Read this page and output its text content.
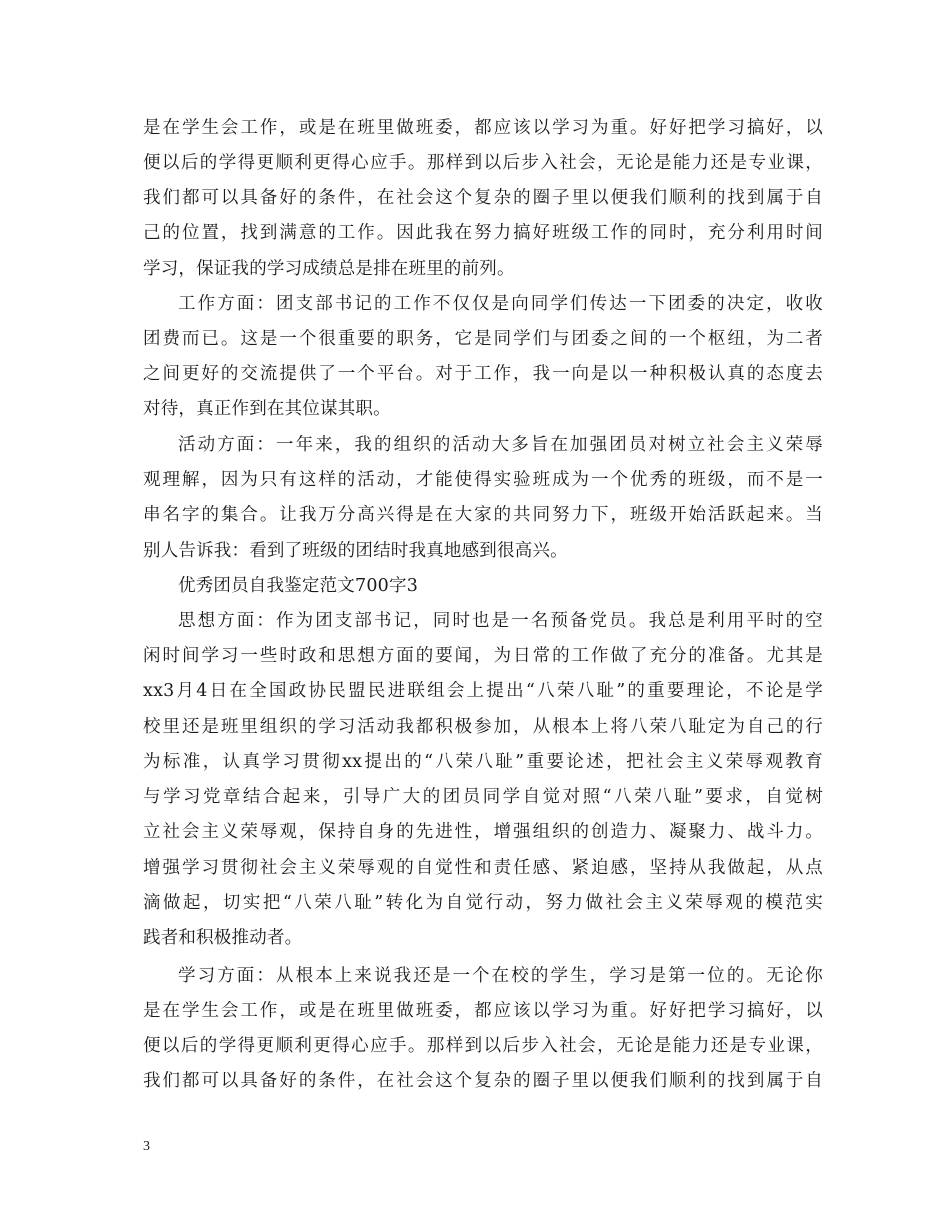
是在学生会工作，或是在班里做班委，都应该以学习为重。好好把学习搞好，以
便以后的学得更顺利更得心应手。那样到以后步入社会，无论是能力还是专业课，
我们都可以具备好的条件，在社会这个复杂的圈子里以便我们顺利的找到属于自
己的位置，找到满意的工作。因此我在努力搞好班级工作的同时，充分利用时间
学习，保证我的学习成绩总是排在班里的前列。
工作方面：团支部书记的工作不仅仅是向同学们传达一下团委的决定，收收
团费而已。这是一个很重要的职务，它是同学们与团委之间的一个枢纽，为二者
之间更好的交流提供了一个平台。对于工作，我一向是以一种积极认真的态度去
对待，真正作到在其位谋其职。
活动方面：一年来，我的组织的活动大多旨在加强团员对树立社会主义荣辱
观理解，因为只有这样的活动，才能使得实验班成为一个优秀的班级，而不是一
串名字的集合。让我万分高兴得是在大家的共同努力下，班级开始活跃起来。当
别人告诉我：看到了班级的团结时我真地感到很高兴。
优秀团员自我鉴定范文700字3
思想方面：作为团支部书记，同时也是一名预备党员。我总是利用平时的空
闲时间学习一些时政和思想方面的要闻，为日常的工作做了充分的准备。尤其是
xx3月4日在全国政协民盟民进联组会上提出“八荣八耻”的重要理论，不论是学
校里还是班里组织的学习活动我都积极参加，从根本上将八荣八耻定为自己的行
为标准，认真学习贯彻xx提出的“八荣八耻”重要论述，把社会主义荣辱观教育
与学习党章结合起来，引导广大的团员同学自觉对照“八荣八耻”要求，自觉树
立社会主义荣辱观，保持自身的先进性，增强组织的创造力、凝聚力、战斗力。
增强学习贯彻社会主义荣辱观的自觉性和责任感、紧迫感，坚持从我做起，从点
滴做起，切实把“八荣八耻”转化为自觉行动，努力做社会主义荣辱观的模范实
践者和积极推动者。
学习方面：从根本上来说我还是一个在校的学生，学习是第一位的。无论你
是在学生会工作，或是在班里做班委，都应该以学习为重。好好把学习搞好，以
便以后的学得更顺利更得心应手。那样到以后步入社会，无论是能力还是专业课，
我们都可以具备好的条件，在社会这个复杂的圈子里以便我们顺利的找到属于自
3
